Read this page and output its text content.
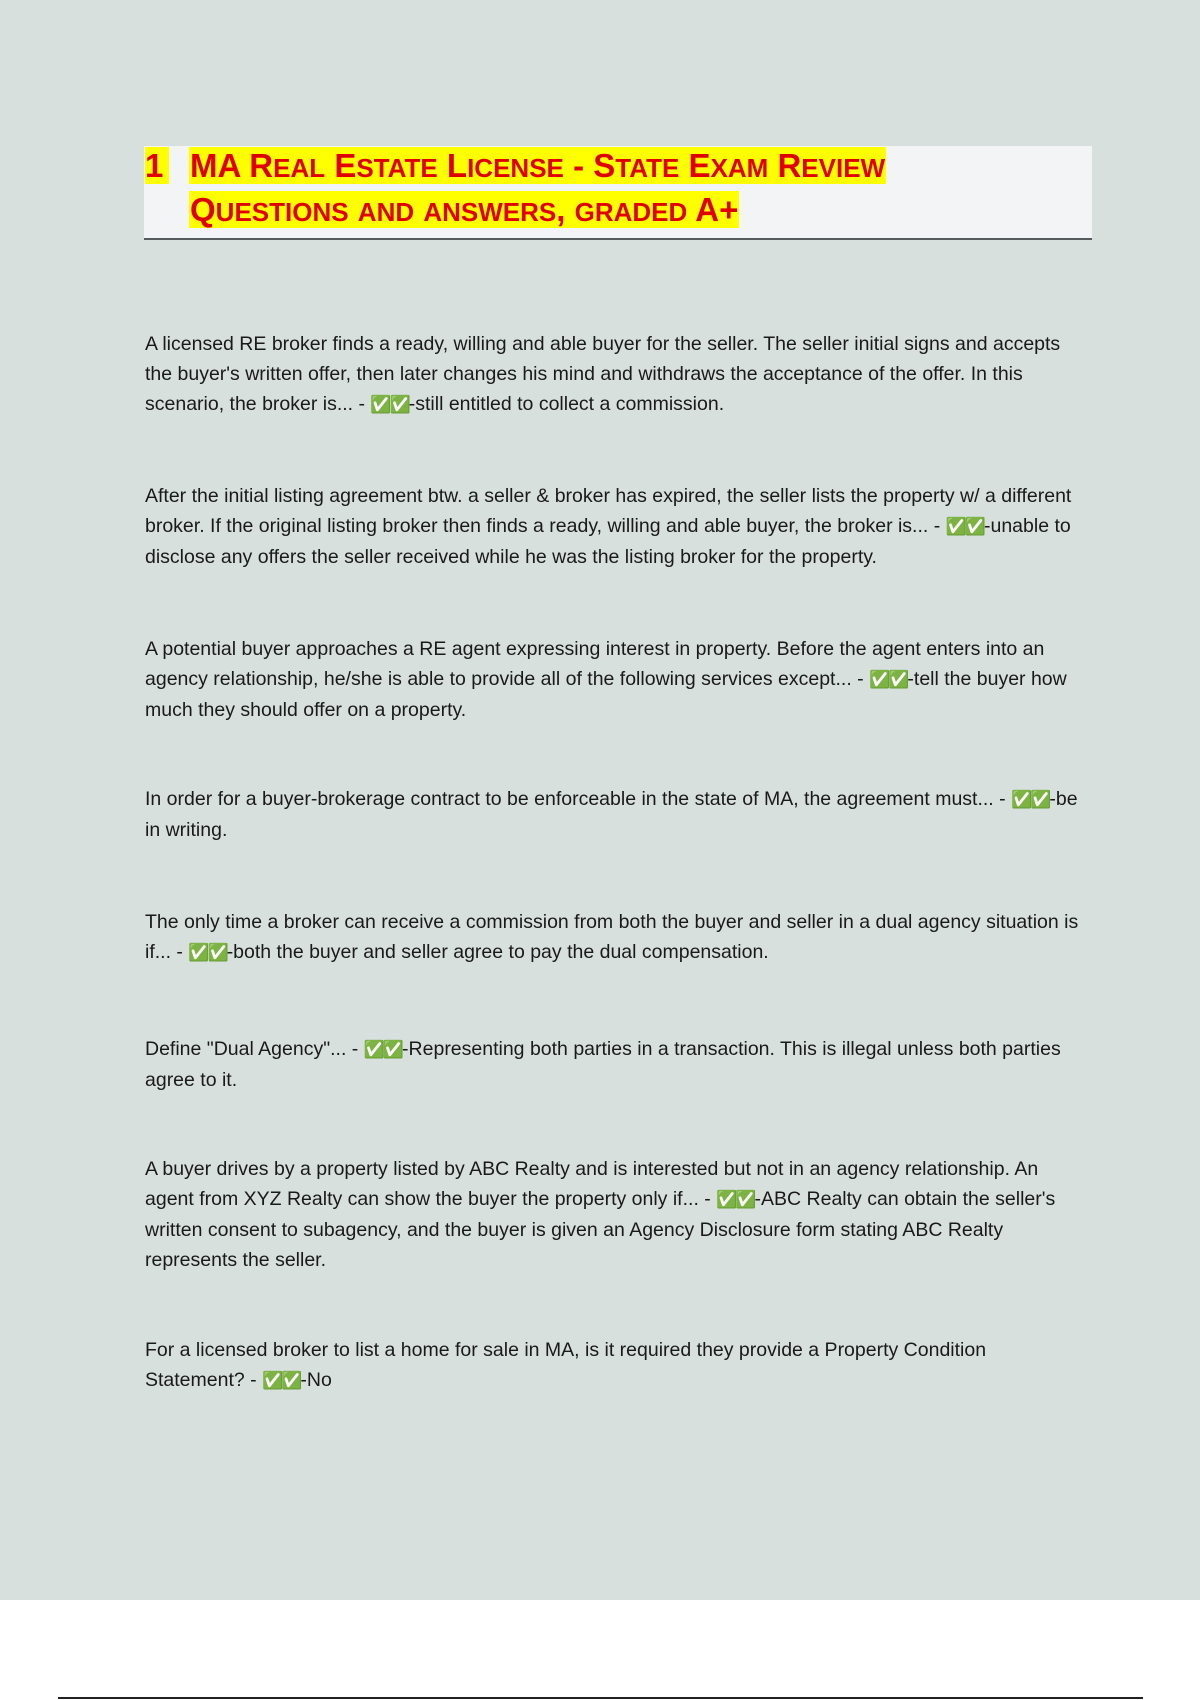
1 MA REAL ESTATE LICENSE - STATE EXAM REVIEW
QUESTIONS AND ANSWERS, GRADED A+

A licensed RE broker finds a ready, willing and able buyer for the seller. The seller initial signs and accepts the buyer's written offer, then later changes his mind and withdraws the acceptance of the offer. In this scenario, the broker is... - ✅✅-still entitled to collect a commission.

After the initial listing agreement btw. a seller & broker has expired, the seller lists the property w/ a different broker. If the original listing broker then finds a ready, willing and able buyer, the broker is... - ✅✅-unable to disclose any offers the seller received while he was the listing broker for the property.

A potential buyer approaches a RE agent expressing interest in property. Before the agent enters into an agency relationship, he/she is able to provide all of the following services except... - ✅✅-tell the buyer how much they should offer on a property.

In order for a buyer-brokerage contract to be enforceable in the state of MA, the agreement must... - ✅✅-be in writing.

The only time a broker can receive a commission from both the buyer and seller in a dual agency situation is if... - ✅✅-both the buyer and seller agree to pay the dual compensation.

Define "Dual Agency"... - ✅✅-Representing both parties in a transaction. This is illegal unless both parties agree to it.

A buyer drives by a property listed by ABC Realty and is interested but not in an agency relationship. An agent from XYZ Realty can show the buyer the property only if... - ✅✅-ABC Realty can obtain the seller's written consent to subagency, and the buyer is given an Agency Disclosure form stating ABC Realty represents the seller.

For a licensed broker to list a home for sale in MA, is it required they provide a Property Condition Statement? - ✅✅-No
